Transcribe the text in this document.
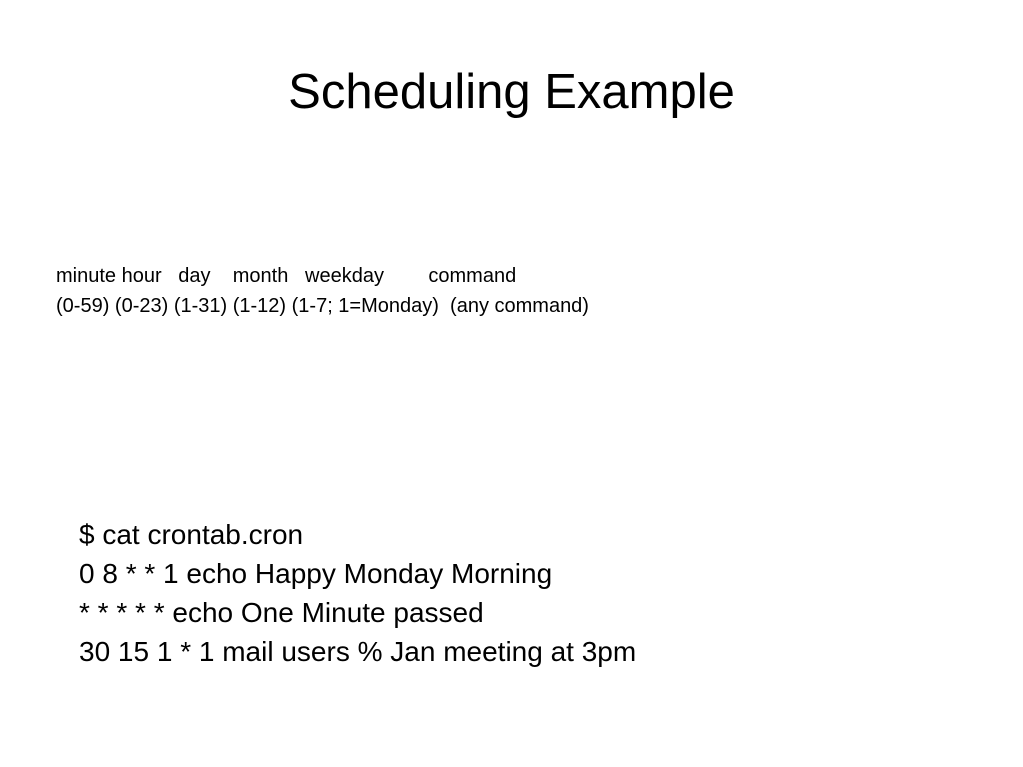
Scheduling Example
minute hour   day    month   weekday        command
(0-59) (0-23) (1-31) (1-12) (1-7; 1=Monday)  (any command)
$ cat crontab.cron
0 8 * * 1 echo Happy Monday Morning
* * * * * echo One Minute passed
30 15 1 * 1 mail users % Jan meeting at 3pm
